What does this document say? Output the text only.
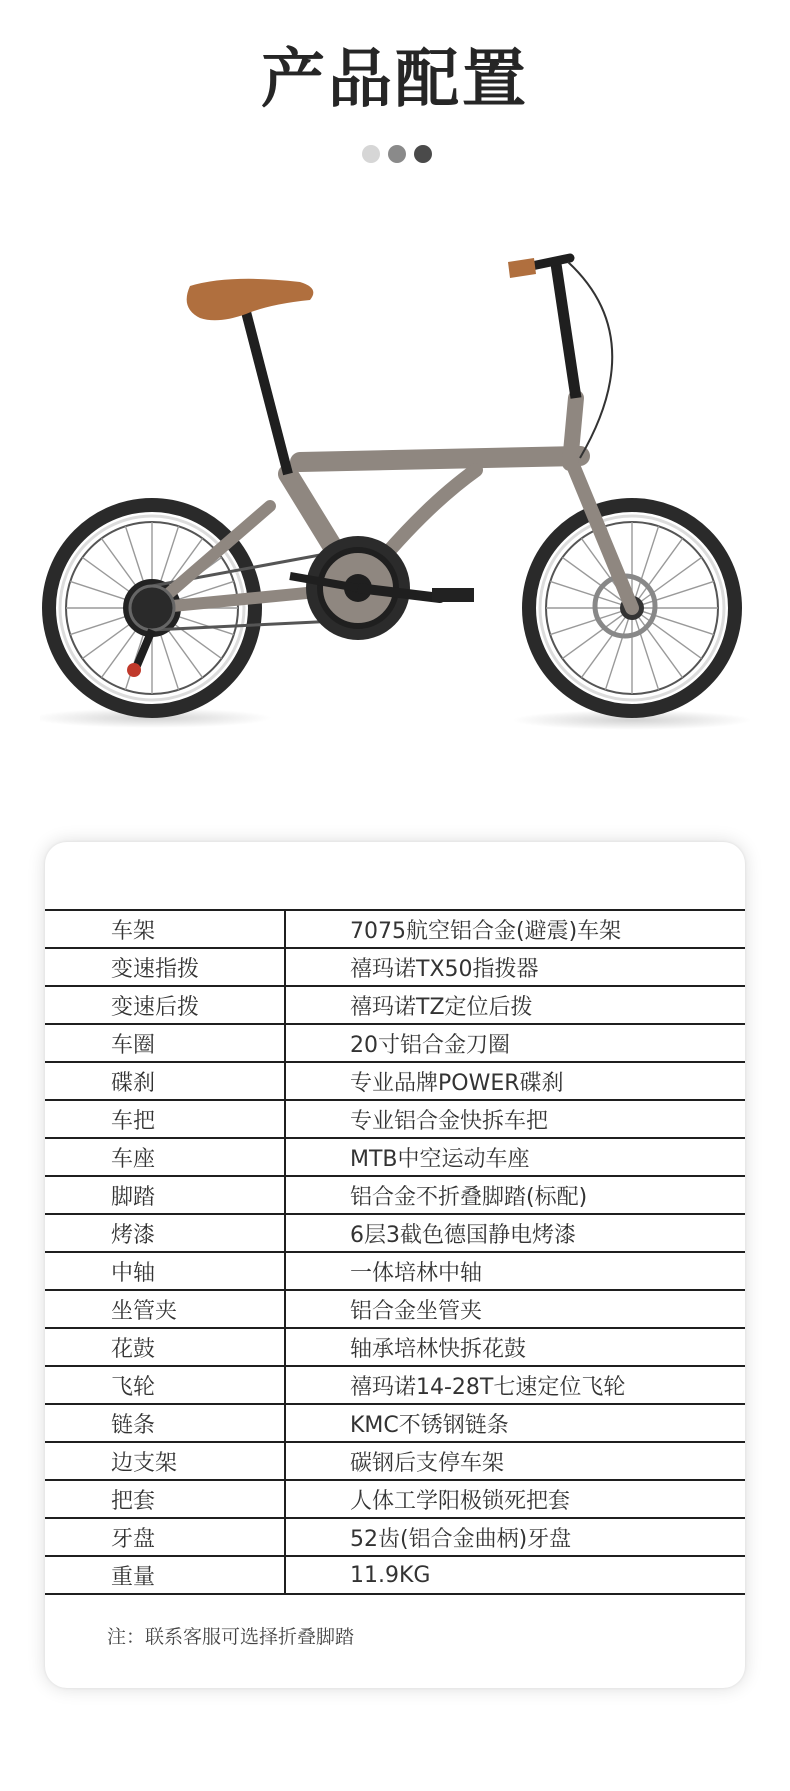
产品配置
车架	7075航空铝合金(避震)车架
变速指拨	禧玛诺TX50指拨器
变速后拨	禧玛诺TZ定位后拨
车圈	20寸铝合金刀圈
碟刹	专业品牌POWER碟刹
车把	专业铝合金快拆车把
车座	MTB中空运动车座
脚踏	铝合金不折叠脚踏(标配)
烤漆	6层3截色德国静电烤漆
中轴	一体培林中轴
坐管夹	铝合金坐管夹
花鼓	轴承培林快拆花鼓
飞轮	禧玛诺14-28T七速定位飞轮
链条	KMC不锈钢链条
边支架	碳钢后支停车架
把套	人体工学阳极锁死把套
牙盘	52齿(铝合金曲柄)牙盘
重量	11.9KG
注：联系客服可选择折叠脚踏
